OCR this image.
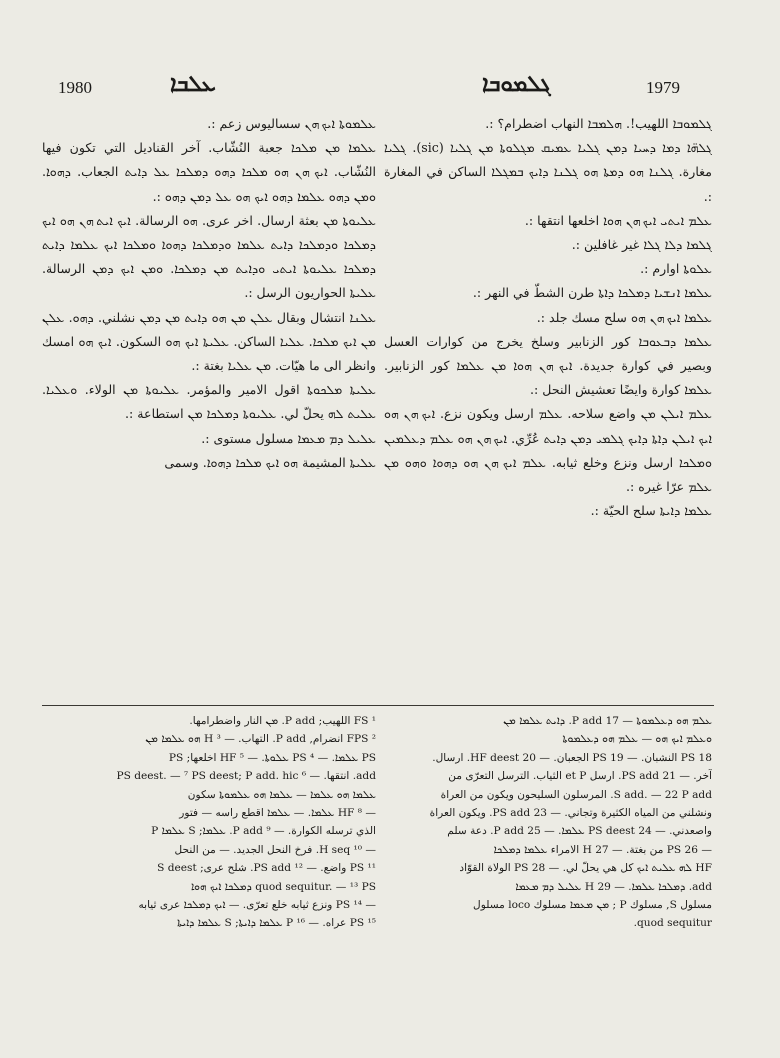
1980	ܥܠܒܐ	ܓܠܡܘܒܐ	1979

ܓܠܡܘܒܐ اللهيب!. ܗܠܡܒܐ النهاب اضطرام؟ :.

ܓܠܗ̈ܐ ܕܡܐ ܕܚܝܐ ܕܡܢ ܓܠܝܐ ܥܡܝܩ ܡܓܠܘܬܐ ܡܢ ܓܠܝܐ (sic). ܓܠܝܐ مغارة. ܓܠܢܐ ܗܘ ܕܡܬܐ ܗܘ ܓܠܢܐ ܕܐܝܟ ܒܡܓܠܐ الساكن في المغارة :.

ܥܠܡ ܐܝܬܝ ܐܝܟ ܗܢ ܗܘܐ اخلعها انتقها :.

ܓܠܡܐ ܕܠܐ ܓܠܐ غير غافلين :.

ܥܠܘܬܐ اوارم :.

ܥܠܡܐ ܐܢܫܝܐ ܕܡܠܟܐ ܕܐܬܐ طرن الشطّ في النهر :.

ܥܠܡܐ ܐܝܟ ܗܢ ܗܘ سلح مسك جلد :.

ܥܠܡܐ ܕܒܥܘܒܐ كور الزنابير وسلخ يخرج من كوارات العسل وبصير في كوارة جديدة. ܐܝܟ ܗܢ ܗܘܐ ܡܢ ܥܠܡܐ كور الزنابير. ܥܠܡܐ كوارة وايضًا تعشيش النحل :.

ܥܠܡ ܐܝܠܢ ܡܢ واضع سلاحه. ܥܠܡ ارسل ويكون نزع. ܐܝܟ ܗܢ ܗܘ ܐܝܟ ܐܝܠܢ ܕܐܬܐ ܕܐܝܟ ܓܠܡܝ ܕܡܢ ܕܐܝܬ عُرِّي. ܐܝܟ ܗܢ ܗܘ ܥܠܡ ܕܥܠܡܝܢ ܘܡܠܟܐ ارسل ونزع وخلع ثيابه. ܥܠܡ ܐܝܟ ܗܢ ܗܘ ܕܗܘܐ ܘܗܘ ܡܢ ܥܠܡ عرّا غيره :.

ܥܠܡܐ ܕܐܝܬܐ سلح الحيّة :.

ܥܠܡܘܬܐ ܐܝܟ ܗܢ سساليوس زعم :.

ܥܠܡܐ ܡܢ ܡܠܟܐ جعبة النُشّاب. آخر القناديل التي تكون فيها النُشّاب. ܐܝܟ ܗܢ ܗܘ ܡܠܟܐ ܕܗܘ ܕܡܠܟܐ ܥܠ ܕܐܝܬ الجعاب. ܕܗܘܐ. ܘܡܢ ܕܗܘ ܥܠܡܐ ܕܗܘ ܐܝܟ ܗܘ ܥܠ ܕܡܢ ܕܗܘ :.

ܥܠܝܘܬܐ ܡܢ بعثة ارسال. اخر عرى. ܗܘ الرسالة. ܐܝܟ ܐܝܬ ܗܢ ܗܘ ܐܝܟ ܕܡܠܟܐ ܘܕܡܠܟܐ ܕܐܝܬ ܥܠܡܐ ܘܕܡܠܟܐ ܕܗܘܐ ܘܡܠܟܐ ܐܝܟ ܥܠܡܐ ܕܐܝܬ ܕܡܠܟܐ ܥܠܝܘܬܐ ܐܝܬܝ ܘܕܐܝܬ ܡܢ ܕܡܠܟܐ. ܘܡܢ ܐܝܟ ܕܡܢ الرسالة. ܥܠܝܬܐ الحواريون الرسل :.

ܥܠܢܐ انتشال وبقال ܥܠܢ ܡܢ ܗܘ ܕܐܝܬ ܡܢ ܕܡܢ نشلني. ܕܗܘ. ܥܠܢ ܡܢ ܐܝܟ ܡܠܟܐ. ܥܠܝܐ الساكن. ܥܠܝܬܐ ܐܝܟ ܗܘ السكون. ܐܝܟ ܗܘ امسك وانظر الى ما هيّات. ܡܢ ܥܠܝܐ بغتة :.

ܥܠܝܬܐ ܡܠܟܘܬܐ اقول الامير والمؤمر. ܥܠܝܘܬܐ ܡܢ الولاء. ܘܥܠܝܐ. ܥܠܝܬ ܠܗ يحلّ لي. ܥܠܝܘܬܐ ܕܡܠܟܐ ܡܢ استطاعة :.

ܥܠܝܠ ܕܡ ܡܥܡܐ مسلول مستوى :.

ܥܠܝܬܐ المشيمة ܗܘ ܐܝܟ ܡܠܟܐ ܕܗܘܐ. وسمى

ܥܠܡ ܗܘ ܕܥܠܡܘܬܐ — 17 P add. ܕܐܝܬ ܥܠܡܐ ܡܢ
ܘܥܠܡ ܐܝܟ ܗܘ — ܥܠܡ ܗܘ ܕܥܠܡܘܬܐ
18 PS النشبان. — 19 PS الجعبان. — 20 HF deest. ارسال.
آخر. — 21 PS add. ارسل et P الثياب. الترسل التعرّى من
S add. — 22 P add. المرسلون السليحون ويكون من العراة
ونشلني من المياه الكثيرة وتجاني. — 23 PS add. ويكون العراة
واصعدني. — 24 PS deest ܥܠܡܐ. — 25 P add. دعة سلم
— 26 PS من بغتة. — 27 H الامراء ܥܠܡܐ ܕܡܠܟܐ
HF ܠܗ ܥܠܝܬ ܐܝܟ كل هي يحلّ لي. — 28 PS الولاة القوّاد
add. ܕܡܠܟܐ ܥܠܡܐ. — 29 H ܥܠܝܠ ܕܡ ܡܥܡܐ
مسلول S, مسلوك P ; ܡܢ ܡܥܡܐ مسلوك loco مسلول
quod sequitur.
¹ FS اللهيب; P add. ܡܢ النار واضطرامها.
² FPS انضرام, P add. التهاب. — ³ H ܗܘ ܥܠܡܐ ܡܢ
PS ܥܠܡܐ. — ⁴ PS ܥܠܘܬܐ. — ⁵ HF اخلعها; PS
add. انتقها. — ⁶ PS deest. — ⁷ PS deest; P add. hic
ܥܠܡܐ ܗܘ ܥܠܡܐ — ܥܠܡܐ ܗܘ ܥܠܡܘܬܐ سكون
— ⁸ HF ܥܠܡܐ. — ܥܠܡܐ اقطع راسه — فتور
الذي ترسله الكوارة. — ⁹ P add. ܥܠܡܐ; S ܥܠܡܐ P
— ¹⁰ H seq. فرخ النحل الجديد. — من النحل
¹¹ PS واضع. — ¹² PS add. شلح عرى; S deest
quod sequitur. — ¹³ PS ܕܡܠܟܐ ܐܝܟ ܗܘܐ
— ¹⁴ PS ونزع ثيابه خلع تعرّى. — ܐܝܟ ܕܡܠܟܐ عرى ثيابه
¹⁵ PS عراه. — ¹⁶ P ܥܠܡܐ ܕܐܝܬܐ; S ܥܠܡܐ ܕܐܝܬܐ
